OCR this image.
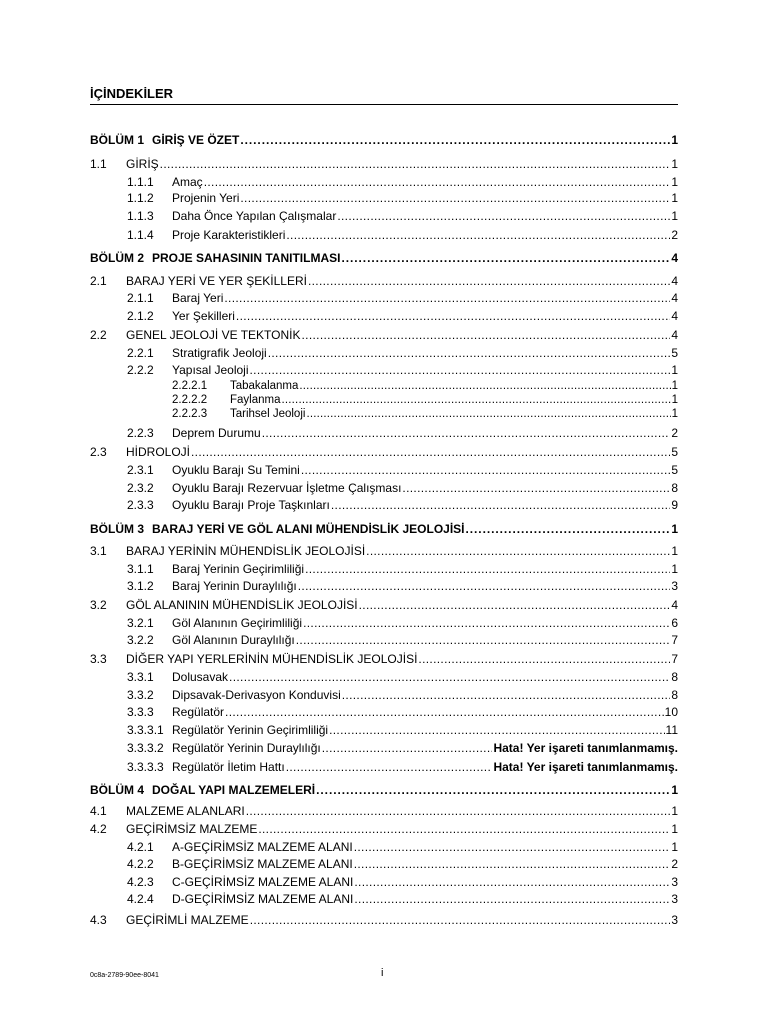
İÇİNDEKİLER
BÖLÜM 1 GİRİŞ VE ÖZET . . .	1
1.1	GİRİŞ . . .	1
1.1.1	Amaç . . .	1
1.1.2	Projenin Yeri . . .	1
1.1.3	Daha Önce Yapılan Çalışmalar . . .	1
1.1.4	Proje Karakteristikleri . . .	2
BÖLÜM 2 PROJE SAHASININ TANITILMASI . . .	4
2.1	BARAJ YERİ VE YER ŞEKİLLERİ . . .	4
2.1.1	Baraj Yeri . . .	4
2.1.2	Yer Şekilleri . . .	4
2.2	GENEL JEOLOJİ VE TEKTONİK . . .	4
2.2.1	Stratigrafik Jeoloji . . .	5
2.2.2	Yapısal Jeoloji . . .	1
2.2.2.1	Tabakalanma . . .	1
2.2.2.2	Faylanma . . .	1
2.2.2.3	Tarihsel Jeoloji . . .	1
2.2.3	Deprem Durumu . . .	2
2.3	HİDROLOJİ . . .	5
2.3.1	Oyuklu Barajı Su Temini . . .	5
2.3.2	Oyuklu Barajı Rezervuar İşletme Çalışması . . .	8
2.3.3	Oyuklu Barajı Proje Taşkınları . . .	9
BÖLÜM 3 BARAJ YERİ VE GÖL ALANI MÜHENDİSLİK JEOLOJİSİ . . .	1
3.1	BARAJ YERİNİN MÜHENDİSLİK JEOLOJİSİ . . .	1
3.1.1	Baraj Yerinin Geçirimliliği . . .	1
3.1.2	Baraj Yerinin Duraylılığı . . .	3
3.2	GÖL ALANININ MÜHENDİSLİK JEOLOJİSİ . . .	4
3.2.1	Göl Alanının Geçirimliliği . . .	6
3.2.2	Göl Alanının Duraylılığı . . .	7
3.3	DİĞER YAPI YERLERİNİN MÜHENDİSLİK JEOLOJİSİ . . .	7
3.3.1	Dolusavak . . .	8
3.3.2	Dipsavak-Derivasyon Konduvisi . . .	8
3.3.3	Regülatör . . .	10
3.3.3.1 Regülatör Yerinin Geçirimliliği . . .	11
3.3.3.2 Regülatör Yerinin Duraylılığı . . .	Hata! Yer işareti tanımlanmamış.
3.3.3.3 Regülatör İletim Hattı . . .	Hata! Yer işareti tanımlanmamış.
BÖLÜM 4 DOĞAL YAPI MALZEMELERİ . . .	1
4.1	MALZEME ALANLARI . . .	1
4.2	GEÇİRİMSİZ MALZEME . . .	1
4.2.1	A-GEÇİRİMSİZ MALZEME ALANI . . .	1
4.2.2	B-GEÇİRİMSİZ MALZEME ALANI . . .	2
4.2.3	C-GEÇİRİMSİZ MALZEME ALANI . . .	3
4.2.4	D-GEÇİRİMSİZ MALZEME ALANI . . .	3
4.3	GEÇİRİMLİ MALZEME . . .	3
0c8a-2789-90ee-8041	i
